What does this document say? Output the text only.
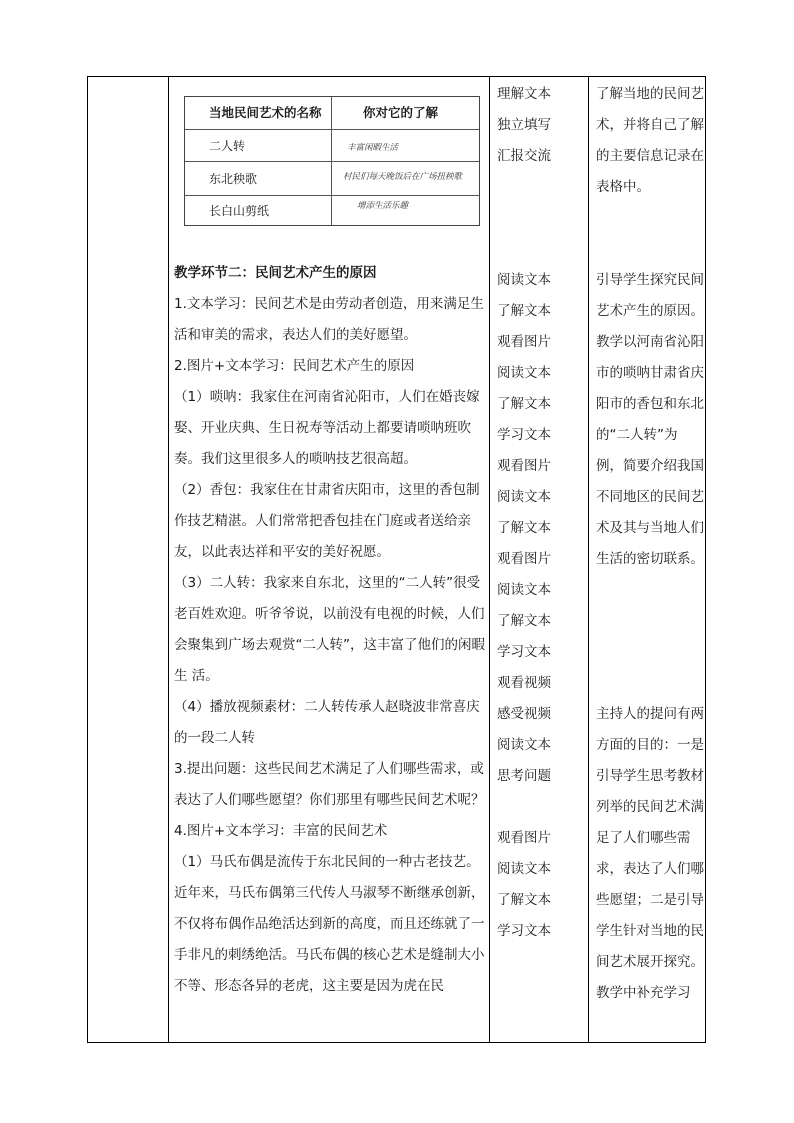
当地民间艺术的名称	你对它的了解
二人转	丰富闲暇生活
东北秧歌	村民们每天晚饭后在广场扭秧歌
长白山剪纸	增添生活乐趣

教学环节二：民间艺术产生的原因

1.文本学习：民间艺术是由劳动者创造，用来满足生活和审美的需求，表达人们的美好愿望。

2.图片+文本学习：民间艺术产生的原因

（1）唢呐：我家住在河南省沁阳市，人们在婚丧嫁娶、开业庆典、生日祝寿等活动上都要请唢呐班吹奏。我们这里很多人的唢呐技艺很高超。

（2）香包：我家住在甘肃省庆阳市，这里的香包制作技艺精湛。人们常常把香包挂在门庭或者送给亲友，以此表达祥和平安的美好祝愿。

（3）二人转：我家来自东北，这里的“二人转”很受老百姓欢迎。听爷爷说，以前没有电视的时候，人们会聚集到广场去观赏“二人转”，这丰富了他们的闲暇生 活。

（4）播放视频素材：二人转传承人赵晓波非常喜庆的一段二人转

3.提出问题：这些民间艺术满足了人们哪些需求，或表达了人们哪些愿望？你们那里有哪些民间艺术呢？

4.图片+文本学习：丰富的民间艺术

（1）马氏布偶是流传于东北民间的一种古老技艺。近年来，马氏布偶第三代传人马淑琴不断继承创新，不仅将布偶作品绝活达到新的高度，而且还练就了一手非凡的刺绣绝活。马氏布偶的核心艺术是缝制大小不等、形态各异的老虎，这主要是因为虎在民

理解文本
独立填写
汇报交流
阅读文本
了解文本
观看图片
阅读文本
了解文本
学习文本
观看图片
阅读文本
了解文本
观看图片
阅读文本
了解文本
学习文本
观看视频
感受视频
阅读文本
思考问题
观看图片
阅读文本
了解文本
学习文本

了解当地的民间艺术，并将自己了解的主要信息记录在表格中。

引导学生探究民间艺术产生的原因。

教学以河南省沁阳市的唢呐甘肃省庆阳市的香包和东北的“二人转”为例，简要介绍我国不同地区的民间艺术及其与当地人们生活的密切联系。

主持人的提问有两方面的目的：一是引导学生思考教材列举的民间艺术满足了人们哪些需求，表达了人们哪些愿望；二是引导学生针对当地的民间艺术展开探究。教学中补充学习
